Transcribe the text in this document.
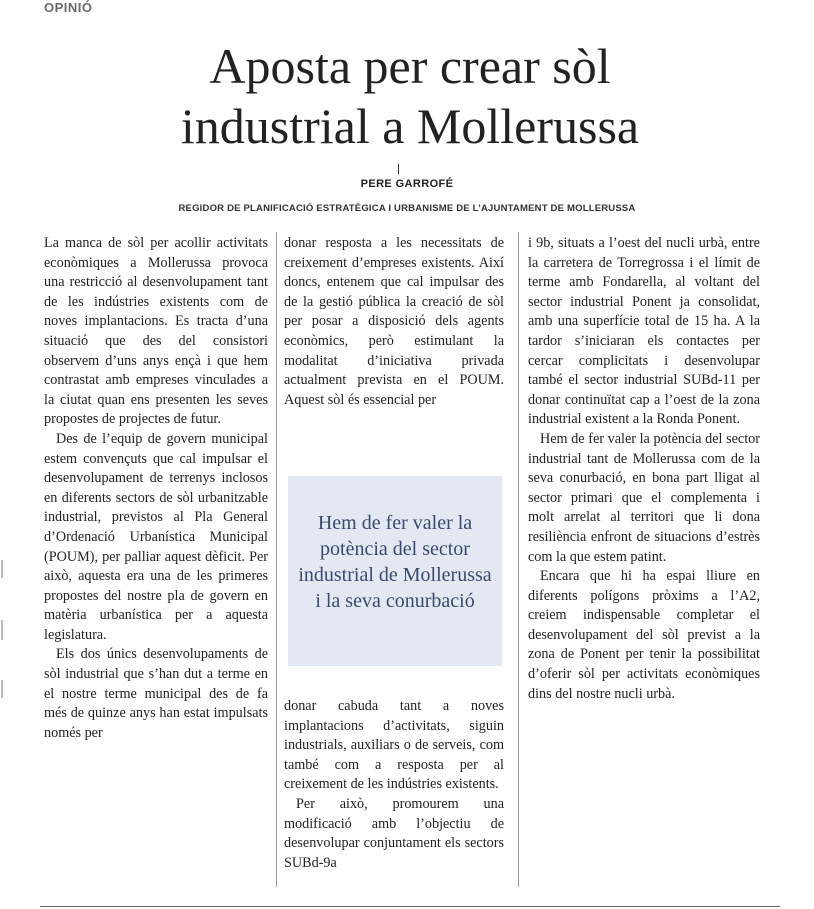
OPINIÓ
Aposta per crear sòl
industrial a Mollerussa
PERE GARROFÉ
REGIDOR DE PLANIFICACIÓ ESTRATÈGICA I URBANISME DE L’AJUNTAMENT DE MOLLERUSSA

La manca de sòl per acollir activitats econòmiques a Mollerussa provoca una restricció al desenvolupament tant de les indústries existents com de noves implantacions. Es tracta d’una situació que des del consistori observem d’uns anys ençà i que hem contrastat amb empreses vinculades a la ciutat quan ens presenten les seves propostes de projectes de futur.

Des de l’equip de govern municipal estem convençuts que cal impulsar el desenvolupament de terrenys inclosos en diferents sectors de sòl urbanitzable industrial, previstos al Pla General d’Ordenació Urbanística Municipal (POUM), per palliar aquest dèficit. Per això, aquesta era una de les primeres propostes del nostre pla de govern en matèria urbanística per a aquesta legislatura.

Els dos únics desenvolupaments de sòl industrial que s’han dut a terme en el nostre terme municipal des de fa més de quinze anys han estat impulsats només per

donar resposta a les necessitats de creixement d’empreses existents. Així doncs, entenem que cal impulsar des de la gestió pública la creació de sòl per posar a disposició dels agents econòmics, però estimulant la modalitat d’iniciativa privada actualment prevista en el POUM. Aquest sòl és essencial per

Hem de fer valer la potència del sector industrial de Mollerussa i la seva conurbació

donar cabuda tant a noves implantacions d’activitats, siguin industrials, auxiliars o de serveis, com també com a resposta per al creixement de les indústries existents.

Per això, promourem una modificació amb l’objectiu de desenvolupar conjuntament els sectors SUBd-9a

i 9b, situats a l’oest del nucli urbà, entre la carretera de Torregrossa i el límit de terme amb Fondarella, al voltant del sector industrial Ponent ja consolidat, amb una superfície total de 15 ha. A la tardor s’iniciaran els contactes per cercar complicitats i desenvolupar també el sector industrial SUBd-11 per donar continuïtat cap a l’oest de la zona industrial existent a la Ronda Ponent.

Hem de fer valer la potència del sector industrial tant de Mollerussa com de la seva conurbació, en bona part lligat al sector primari que el complementa i molt arrelat al territori que li dona resiliència enfront de situacions d’estrès com la que estem patint.

Encara que hi ha espai lliure en diferents polígons pròxims a l’A2, creiem indispensable completar el desenvolupament del sòl previst a la zona de Ponent per tenir la possibilitat d’oferir sòl per activitats econòmiques dins del nostre nucli urbà.
